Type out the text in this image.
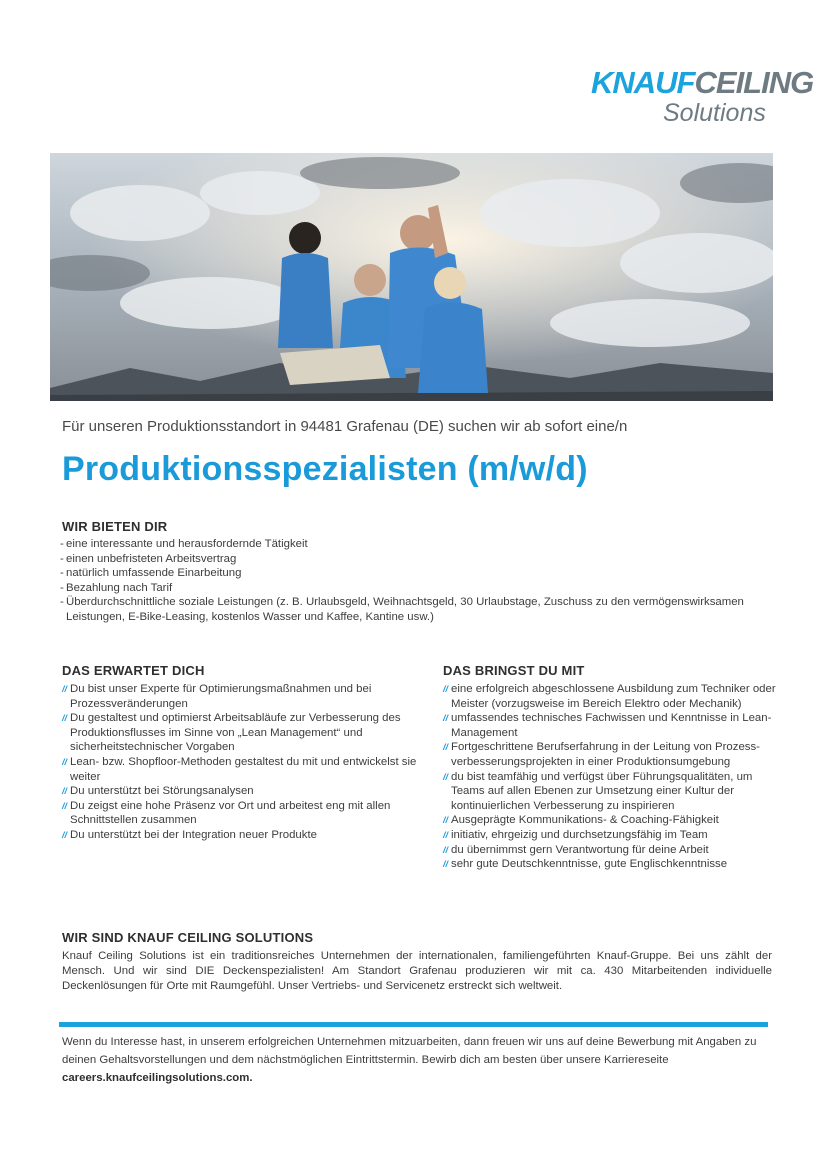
KNAUFCEILING
Solutions
Für unseren Produktionsstandort in 94481 Grafenau (DE) suchen wir ab sofort eine/n
Produktionsspezialisten (m/w/d)
WIR BIETEN DIR
- eine interessante und herausfordernde Tätigkeit
- einen unbefristeten Arbeitsvertrag
- natürlich umfassende Einarbeitung
- Bezahlung nach Tarif
- Überdurchschnittliche soziale Leistungen (z. B. Urlaubsgeld, Weihnachtsgeld, 30 Urlaubstage, Zuschuss zu den vermögenswirksamen Leistungen, E-Bike-Leasing, kostenlos Wasser und Kaffee, Kantine usw.)
DAS ERWARTET DICH
// Du bist unser Experte für Optimierungsmaßnahmen und bei Prozessveränderungen
// Du gestaltest und optimierst Arbeitsabläufe zur Verbesserung des Produktionsflusses im Sinne von „Lean Management“ und sicherheitstechnischer Vorgaben
// Lean- bzw. Shopfloor-Methoden gestaltest du mit und entwickelst sie weiter
// Du unterstützt bei Störungsanalysen
// Du zeigst eine hohe Präsenz vor Ort und arbeitest eng mit allen Schnittstellen zusammen
// Du unterstützt bei der Integration neuer Produkte
DAS BRINGST DU MIT
// eine erfolgreich abgeschlossene Ausbildung zum Techniker oder Meister (vorzugsweise im Bereich Elektro oder Mechanik)
// umfassendes technisches Fachwissen und Kenntnisse in Lean-Management
// Fortgeschrittene Berufserfahrung in der Leitung von Prozess-verbesserungsprojekten in einer Produktionsumgebung
// du bist teamfähig und verfügst über Führungsqualitäten, um Teams auf allen Ebenen zur Umsetzung einer Kultur der kontinuierlichen Verbesserung zu inspirieren
// Ausgeprägte Kommunikations- & Coaching-Fähigkeit
// initiativ, ehrgeizig und durchsetzungsfähig im Team
// du übernimmst gern Verantwortung für deine Arbeit
// sehr gute Deutschkenntnisse, gute Englischkenntnisse
WIR SIND KNAUF CEILING SOLUTIONS

Knauf Ceiling Solutions ist ein traditionsreiches Unternehmen der internationalen, familiengeführten Knauf-Gruppe. Bei uns zählt der Mensch. Und wir sind DIE Deckenspezialisten! Am Standort Grafenau produzieren wir mit ca. 430 Mitarbeitenden individuelle Deckenlösungen für Orte mit Raumgefühl. Unser Vertriebs- und Servicenetz erstreckt sich weltweit.

Wenn du Interesse hast, in unserem erfolgreichen Unternehmen mitzuarbeiten, dann freuen wir uns auf deine Bewerbung mit Angaben zu deinen Gehaltsvorstellungen und dem nächstmöglichen Eintrittstermin. Bewirb dich am besten über unsere Karriereseite
careers.knaufceilingsolutions.com.
